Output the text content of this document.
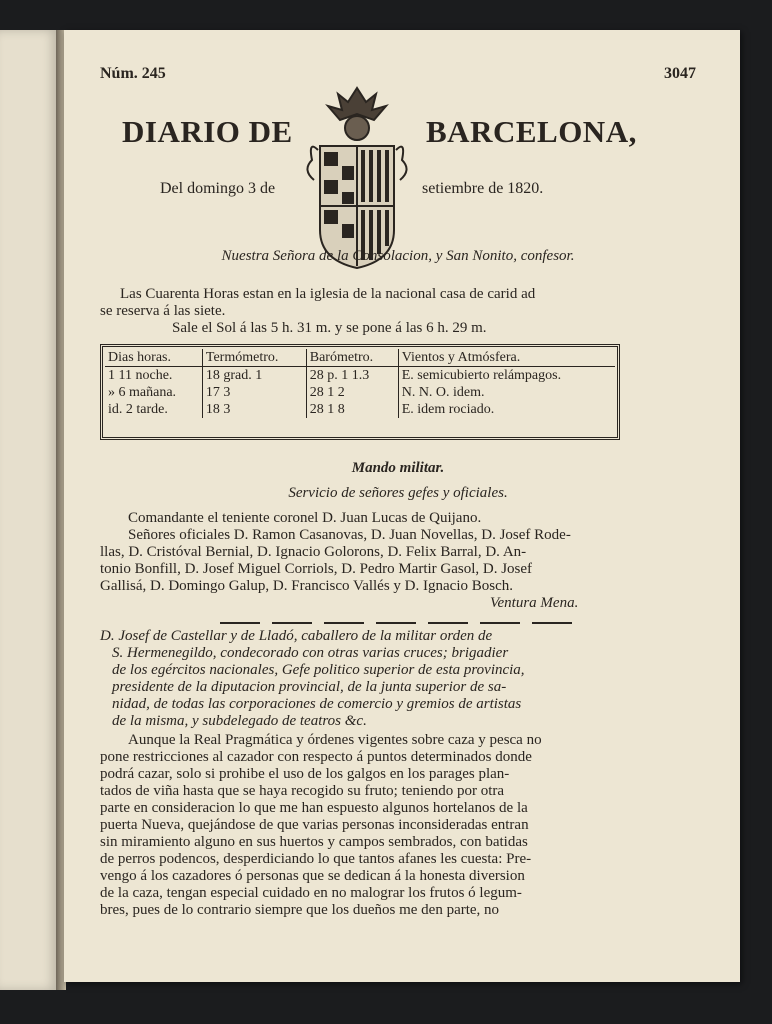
Núm. 245	3047
DIARIO DE	BARCELONA,
Del domingo 3 de	setiembre de 1820.
Nuestra Señora de la Consolacion, y San Nonito, confesor.
Las Cuarenta Horas estan en la iglesia de la nacional casa de carid ad
se reserva á las siete.
Sale el Sol á las 5 h. 31 m. y se pone á las 6 h. 29 m.
Dias horas.	Termómetro.	Barómetro.	Vientos y Atmósfera.
1 11 noche.	18 grad. 1	28 p. 1 1.3	E. semicubierto relámpagos.
» 6 mañana.	17 3	28 1 2	N. N. O. idem.
id. 2 tarde.	18 3	28 1 8	E. idem rociado.
Mando militar.
Servicio de señores gefes y oficiales.
Comandante el teniente coronel D. Juan Lucas de Quijano.
Señores oficiales D. Ramon Casanovas, D. Juan Novellas, D. Josef Rode-
llas, D. Cristóval Bernial, D. Ignacio Golorons, D. Felix Barral, D. An-
tonio Bonfill, D. Josef Miguel Corriols, D. Pedro Martir Gasol, D. Josef
Gallisá, D. Domingo Galup, D. Francisco Vallés y D. Ignacio Bosch.
Ventura Mena.
D. Josef de Castellar y de Lladó, caballero de la militar orden de
S. Hermenegildo, condecorado con otras varias cruces; brigadier
de los egércitos nacionales, Gefe politico superior de esta provincia,
presidente de la diputacion provincial, de la junta superior de sa-
nidad, de todas las corporaciones de comercio y gremios de artistas
de la misma, y subdelegado de teatros &c.
Aunque la Real Pragmática y órdenes vigentes sobre caza y pesca no
pone restricciones al cazador con respecto á puntos determinados donde
podrá cazar, solo si prohibe el uso de los galgos en los parages plan-
tados de viña hasta que se haya recogido su fruto; teniendo por otra
parte en consideracion lo que me han espuesto algunos hortelanos de la
puerta Nueva, quejándose de que varias personas inconsideradas entran
sin miramiento alguno en sus huertos y campos sembrados, con batidas
de perros podencos, desperdiciando lo que tantos afanes les cuesta: Pre-
vengo á los cazadores ó personas que se dedican á la honesta diversion
de la caza, tengan especial cuidado en no malograr los frutos ó legum-
bres, pues de lo contrario siempre que los dueños me den parte, no
